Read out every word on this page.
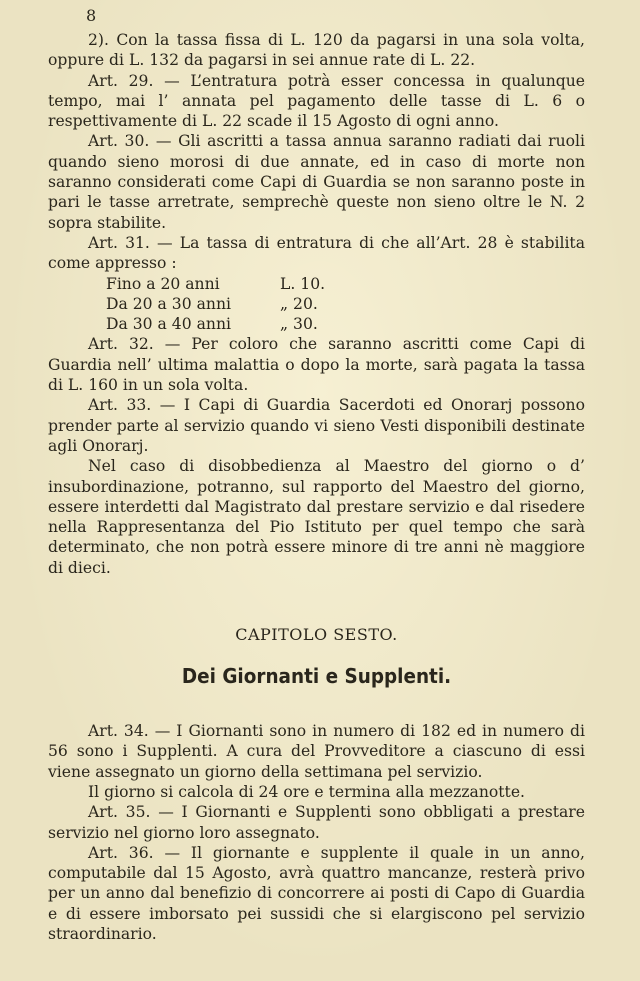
8

2). Con la tassa fissa di L. 120 da pagarsi in una sola volta, oppure di L. 132 da pagarsi in sei annue rate di L. 22.

Art. 29. — L’entratura potrà esser concessa in qualunque tempo, mai l’ annata pel pagamento delle tasse di L. 6 o respettivamente di L. 22 scade il 15 Agosto di ogni anno.

Art. 30. — Gli ascritti a tassa annua saranno radiati dai ruoli quando sieno morosi di due annate, ed in caso di morte non saranno considerati come Capi di Guardia se non saranno poste in pari le tasse arretrate, semprechè queste non sieno oltre le N. 2 sopra stabilite.

Art. 31. — La tassa di entratura di che all’Art. 28 è stabilita come appresso :

Fino a 20 anni	L. 10.
Da 20 a 30 anni	„ 20.
Da 30 a 40 anni	„ 30.

Art. 32. — Per coloro che saranno ascritti come Capi di Guardia nell’ ultima malattia o dopo la morte, sarà pagata la tassa di L. 160 in un sola volta.

Art. 33. — I Capi di Guardia Sacerdoti ed Onorarj possono prender parte al servizio quando vi sieno Vesti disponibili destinate agli Onorarj.

Nel caso di disobbedienza al Maestro del giorno o d’ insubordinazione, potranno, sul rapporto del Maestro del giorno, essere interdetti dal Magistrato dal prestare servizio e dal risedere nella Rappresentanza del Pio Istituto per quel tempo che sarà determinato, che non potrà essere minore di tre anni nè maggiore di dieci.

CAPITOLO SESTO.
Dei Giornanti e Supplenti.

Art. 34. — I Giornanti sono in numero di 182 ed in numero di 56 sono i Supplenti. A cura del Provveditore a ciascuno di essi viene assegnato un giorno della settimana pel servizio.

Il giorno si calcola di 24 ore e termina alla mezzanotte.

Art. 35. — I Giornanti e Supplenti sono obbligati a prestare servizio nel giorno loro assegnato.

Art. 36. — Il giornante e supplente il quale in un anno, computabile dal 15 Agosto, avrà quattro mancanze, resterà privo per un anno dal benefizio di concorrere ai posti di Capo di Guardia e di essere imborsato pei sussidi che si elargiscono pel servizio straordinario.
